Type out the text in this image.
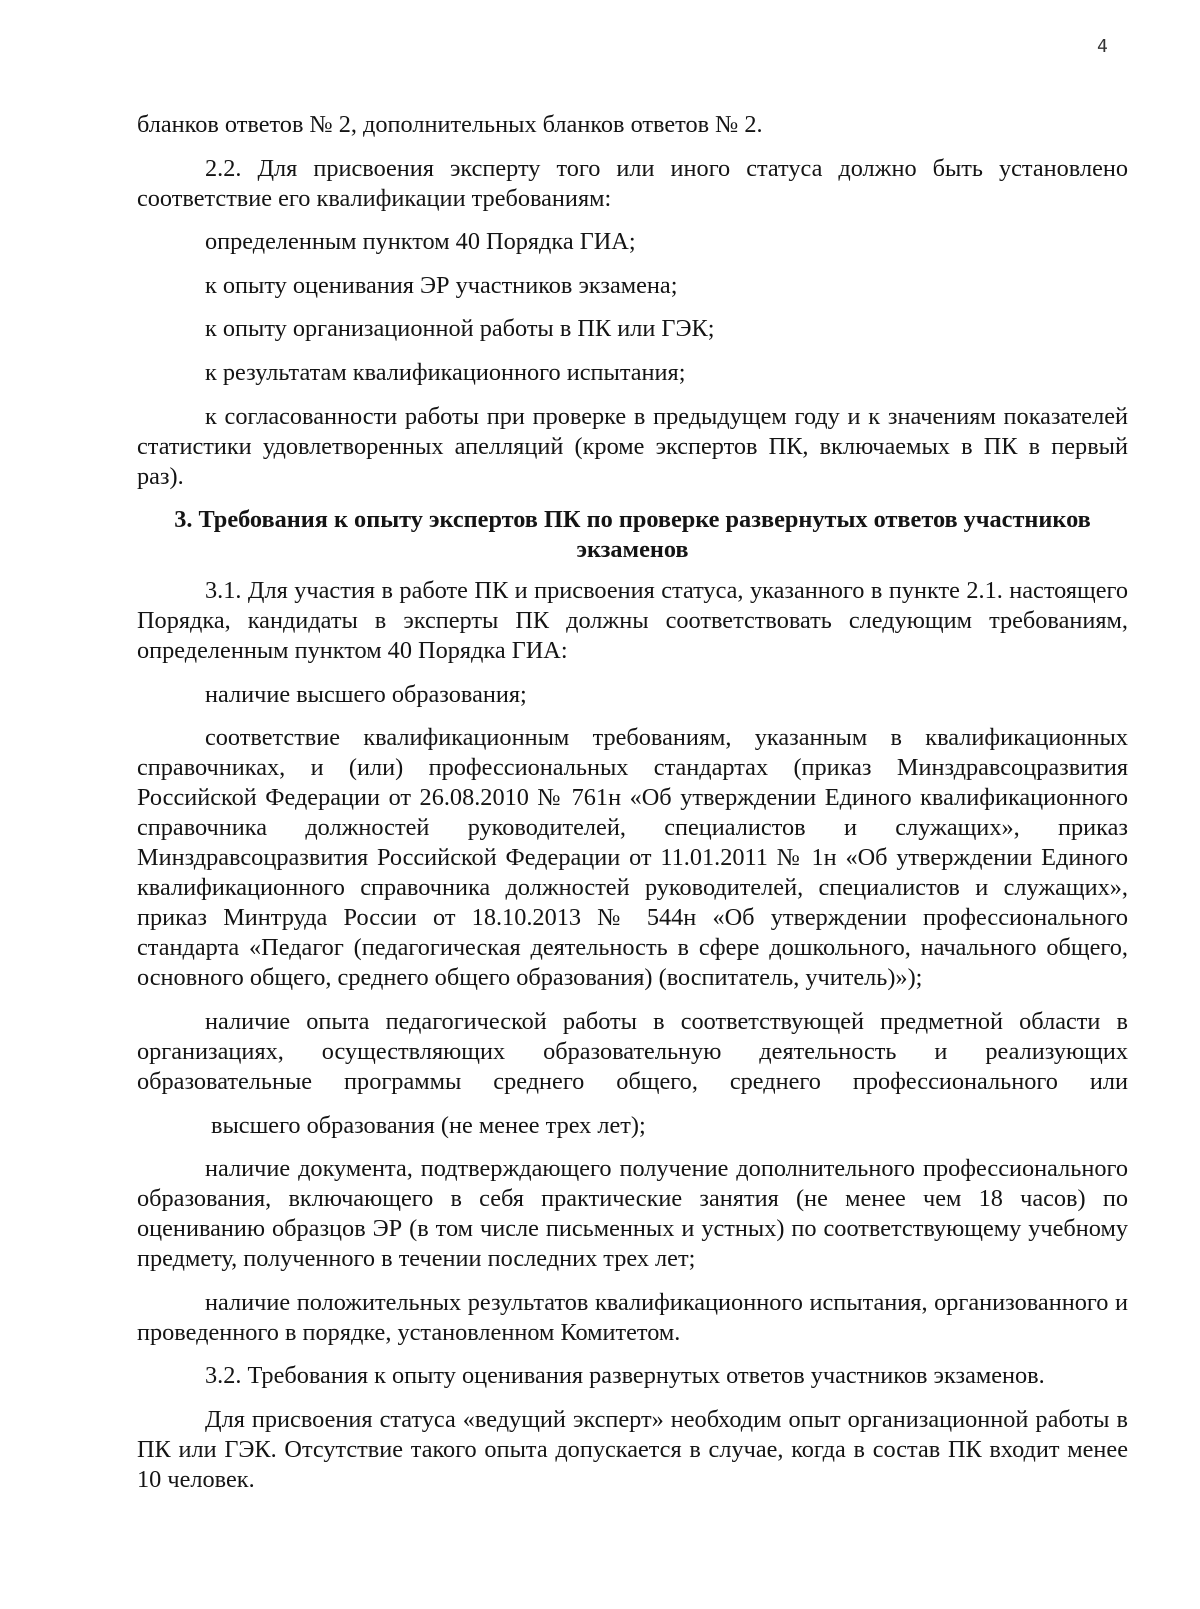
4

бланков ответов № 2, дополнительных бланков ответов № 2.

2.2. Для присвоения эксперту того или иного статуса должно быть установлено соответствие его квалификации требованиям:

определенным пунктом 40 Порядка ГИА;

к опыту оценивания ЭР участников экзамена;

к опыту организационной работы в ПК или ГЭК;

к результатам квалификационного испытания;

к согласованности работы при проверке в предыдущем году и к значениям показателей статистики удовлетворенных апелляций (кроме экспертов ПК, включаемых в ПК в первый раз).

3. Требования к опыту экспертов ПК по проверке развернутых ответов участников экзаменов

3.1. Для участия в работе ПК и присвоения статуса, указанного в пункте 2.1. настоящего Порядка, кандидаты в эксперты ПК должны соответствовать следующим требованиям, определенным пунктом 40 Порядка ГИА:

наличие высшего образования;

соответствие квалификационным требованиям, указанным в квалификационных справочниках, и (или) профессиональных стандартах (приказ Минздравсоцразвития Российской Федерации от 26.08.2010 № 761н «Об утверждении Единого квалификационного справочника должностей руководителей, специалистов и служащих», приказ Минздравсоцразвития Российской Федерации от 11.01.2011 № 1н «Об утверждении Единого квалификационного справочника должностей руководителей, специалистов и служащих», приказ Минтруда России от 18.10.2013 № 544н «Об утверждении профессионального стандарта «Педагог (педагогическая деятельность в сфере дошкольного, начального общего, основного общего, среднего общего образования) (воспитатель, учитель)»);

наличие опыта педагогической работы в соответствующей предметной области в организациях, осуществляющих образовательную деятельность и реализующих образовательные программы среднего общего, среднего профессионального или

высшего образования (не менее трех лет);

наличие документа, подтверждающего получение дополнительного профессионального образования, включающего в себя практические занятия (не менее чем 18 часов) по оцениванию образцов ЭР (в том числе письменных и устных) по соответствующему учебному предмету, полученного в течении последних трех лет;

наличие положительных результатов квалификационного испытания, организованного и проведенного в порядке, установленном Комитетом.

3.2. Требования к опыту оценивания развернутых ответов участников экзаменов.

Для присвоения статуса «ведущий эксперт» необходим опыт организационной работы в ПК или ГЭК. Отсутствие такого опыта допускается в случае, когда в состав ПК входит менее 10 человек.
